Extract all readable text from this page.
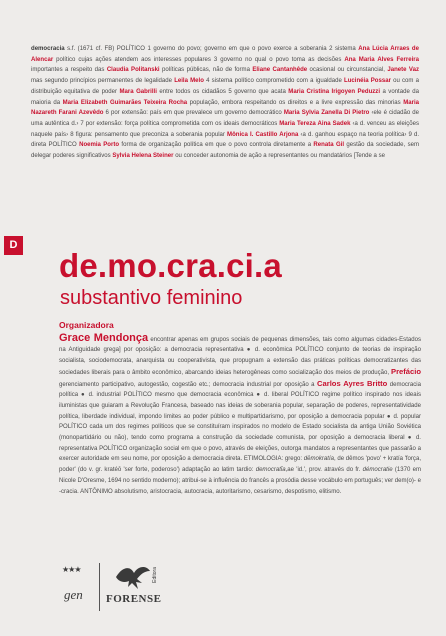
democracia s.f. (1671 cf. FB) POLÍTICO 1 governo do povo; governo em que o povo exerce a soberania 2 sistema Ana Lúcia Arraes de Alencar político cujas ações atendem aos interesses populares 3 governo no qual o povo toma as decisões Ana Maria Alves Ferreira importantes a respeito das Claudia Politanski políticas públicas, não de forma Eliane Cantanhêde ocasional ou circunstancial, Janete Vaz mas segundo princípios permanentes de legalidade Leila Melo 4 sistema político comprometido com a igualdade Lucinéia Possar ou com a distribuição equitativa de poder Mara Gabrilli entre todos os cidadãos 5 governo que acata Maria Cristina Irigoyen Peduzzi a vontade da maioria da Maria Elizabeth Guimarães Teixeira Rocha população, embora respeitando os direitos e a livre expressão das minorias Maria Nazareth Farani Azevêdo 6 por extensão: país em que prevalece um governo democrático Maria Sylvia Zanella Di Pietro ‹ele é cidadão de uma autêntica d.› 7 por extensão: força política comprometida com os ideais democráticos Maria Tereza Aina Sadek ‹a d. venceu as eleições naquele país› 8 figura: pensamento que preconiza a soberania popular Mônica I. Castillo Arjona ‹a d. ganhou espaço na teoria política› 9 d. direta POLÍTICO Noemia Porto forma de organização política em que o povo controla diretamente a Renata Gil gestão da sociedade, sem delegar poderes significativos Sylvia Helena Steiner ou conceder autonomia de ação a representantes ou mandatários [Tende a se
D
de.mo.cra.ci.a
substantivo feminino
Organizadora
Grace Mendonça encontrar apenas em grupos sociais de pequenas dimensões, tais como algumas cidades-Estados na Antiguidade grega] por oposição: a democracia representativa ● d. econômica POLÍTICO conjunto de teorias de inspiração socialista, sociodemocrata, anarquista ou cooperativista, que propugnam a extensão das práticas políticas democratizantes das sociedades liberais para o âmbito econômico, abarcando ideias heterogêneas como socialização dos meios de produção, Prefácio gerenciamento participativo, autogestão, cogestão etc.; democracia industrial por oposição a Carlos Ayres Britto democracia política ● d. industrial POLÍTICO mesmo que democracia econômica ● d. liberal POLÍTICO regime político inspirado nos ideais iluministas que guiaram a Revolução Francesa, baseado nas ideias de soberania popular, separação de poderes, representatividade política, liberdade individual, impondo limites ao poder público e multipartidarismo, por oposição a democracia popular ● d. popular POLÍTICO cada um dos regimes políticos que se constituíram inspirados no modelo de Estado socialista da antiga União Soviética (monopartidário ou não), tendo como programa a construção da sociedade comunista, por oposição a democracia liberal ● d. representativa POLÍTICO organização social em que o povo, através de eleições, outorga mandatos a representantes que passarão a exercer autoridade em seu nome, por oposição a democracia direta. ETIMOLOGIA: grego: dēmokratía, de dêmos 'povo' + kratía 'força, poder' (do v. gr. kratéō 'ser forte, poderoso') adaptação ao latim tardio: democratĭa,ae 'id.', prov. através do fr. démocratie (1370 em Nicole D'Oresme, 1694 no sentido moderno); atribui-se à influência do francês a prosódia desse vocábulo em português; ver dem(o)- e -cracia. ANTÔNIMO absolutismo, aristocracia, autocracia, autoritarismo, cesarismo, despotismo, elitismo.
★★★
gen
Editora
FORENSE
